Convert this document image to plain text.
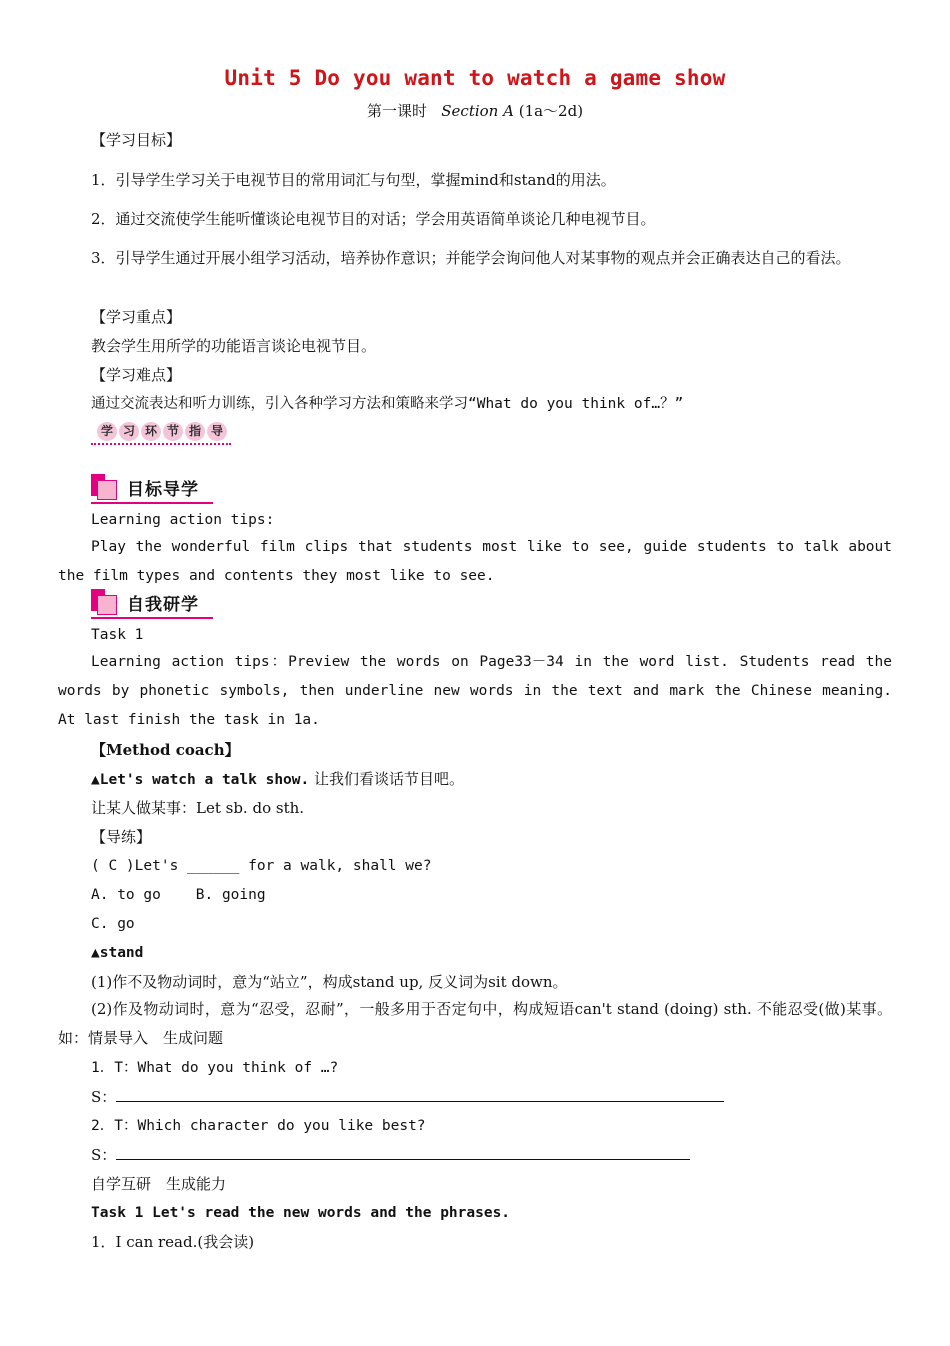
Unit 5 Do you want to watch a game show
第一课时 Section A (1a～2d)
【学习目标】
1．引导学生学习关于电视节目的常用词汇与句型，掌握mind和stand的用法。
2．通过交流使学生能听懂谈论电视节目的对话；学会用英语简单谈论几种电视节目。
3．引导学生通过开展小组学习活动，培养协作意识；并能学会询问他人对某事物的观点并会正确表达自己的看法。
【学习重点】
教会学生用所学的功能语言谈论电视节目。
【学习难点】
通过交流表达和听力训练，引入各种学习方法和策略来学习“What do you think of…？”
学 习 环 节 指 导
目标导学
Learning action tips:
Play the wonderful film clips that students most like to see, guide students to talk about the film types and contents they most like to see.
自我研学
Task 1
Learning action tips：Preview the words on Page33－34 in the word list. Students read the words by phonetic symbols, then underline new words in the text and mark the Chinese meaning. At last finish the task in 1a.
【Method coach】
▲Let's watch a talk show. 让我们看谈话节目吧。
让某人做某事：Let sb. do sth.
【导练】
( C )Let's ______ for a walk, shall we?
A. to go    B. going
C. go
▲stand
(1)作不及物动词时，意为“站立”，构成stand up, 反义词为sit down。
(2)作及物动词时，意为“忍受，忍耐”，一般多用于否定句中，构成短语can't stand (doing) sth. 不能忍受(做)某事。如：情景导入　生成问题
1．T：What do you think of …?
S：
2．T：Which character do you like best?
S：
自学互研　生成能力
Task 1 Let's read the new words and the phrases.
1．I can read.(我会读)
